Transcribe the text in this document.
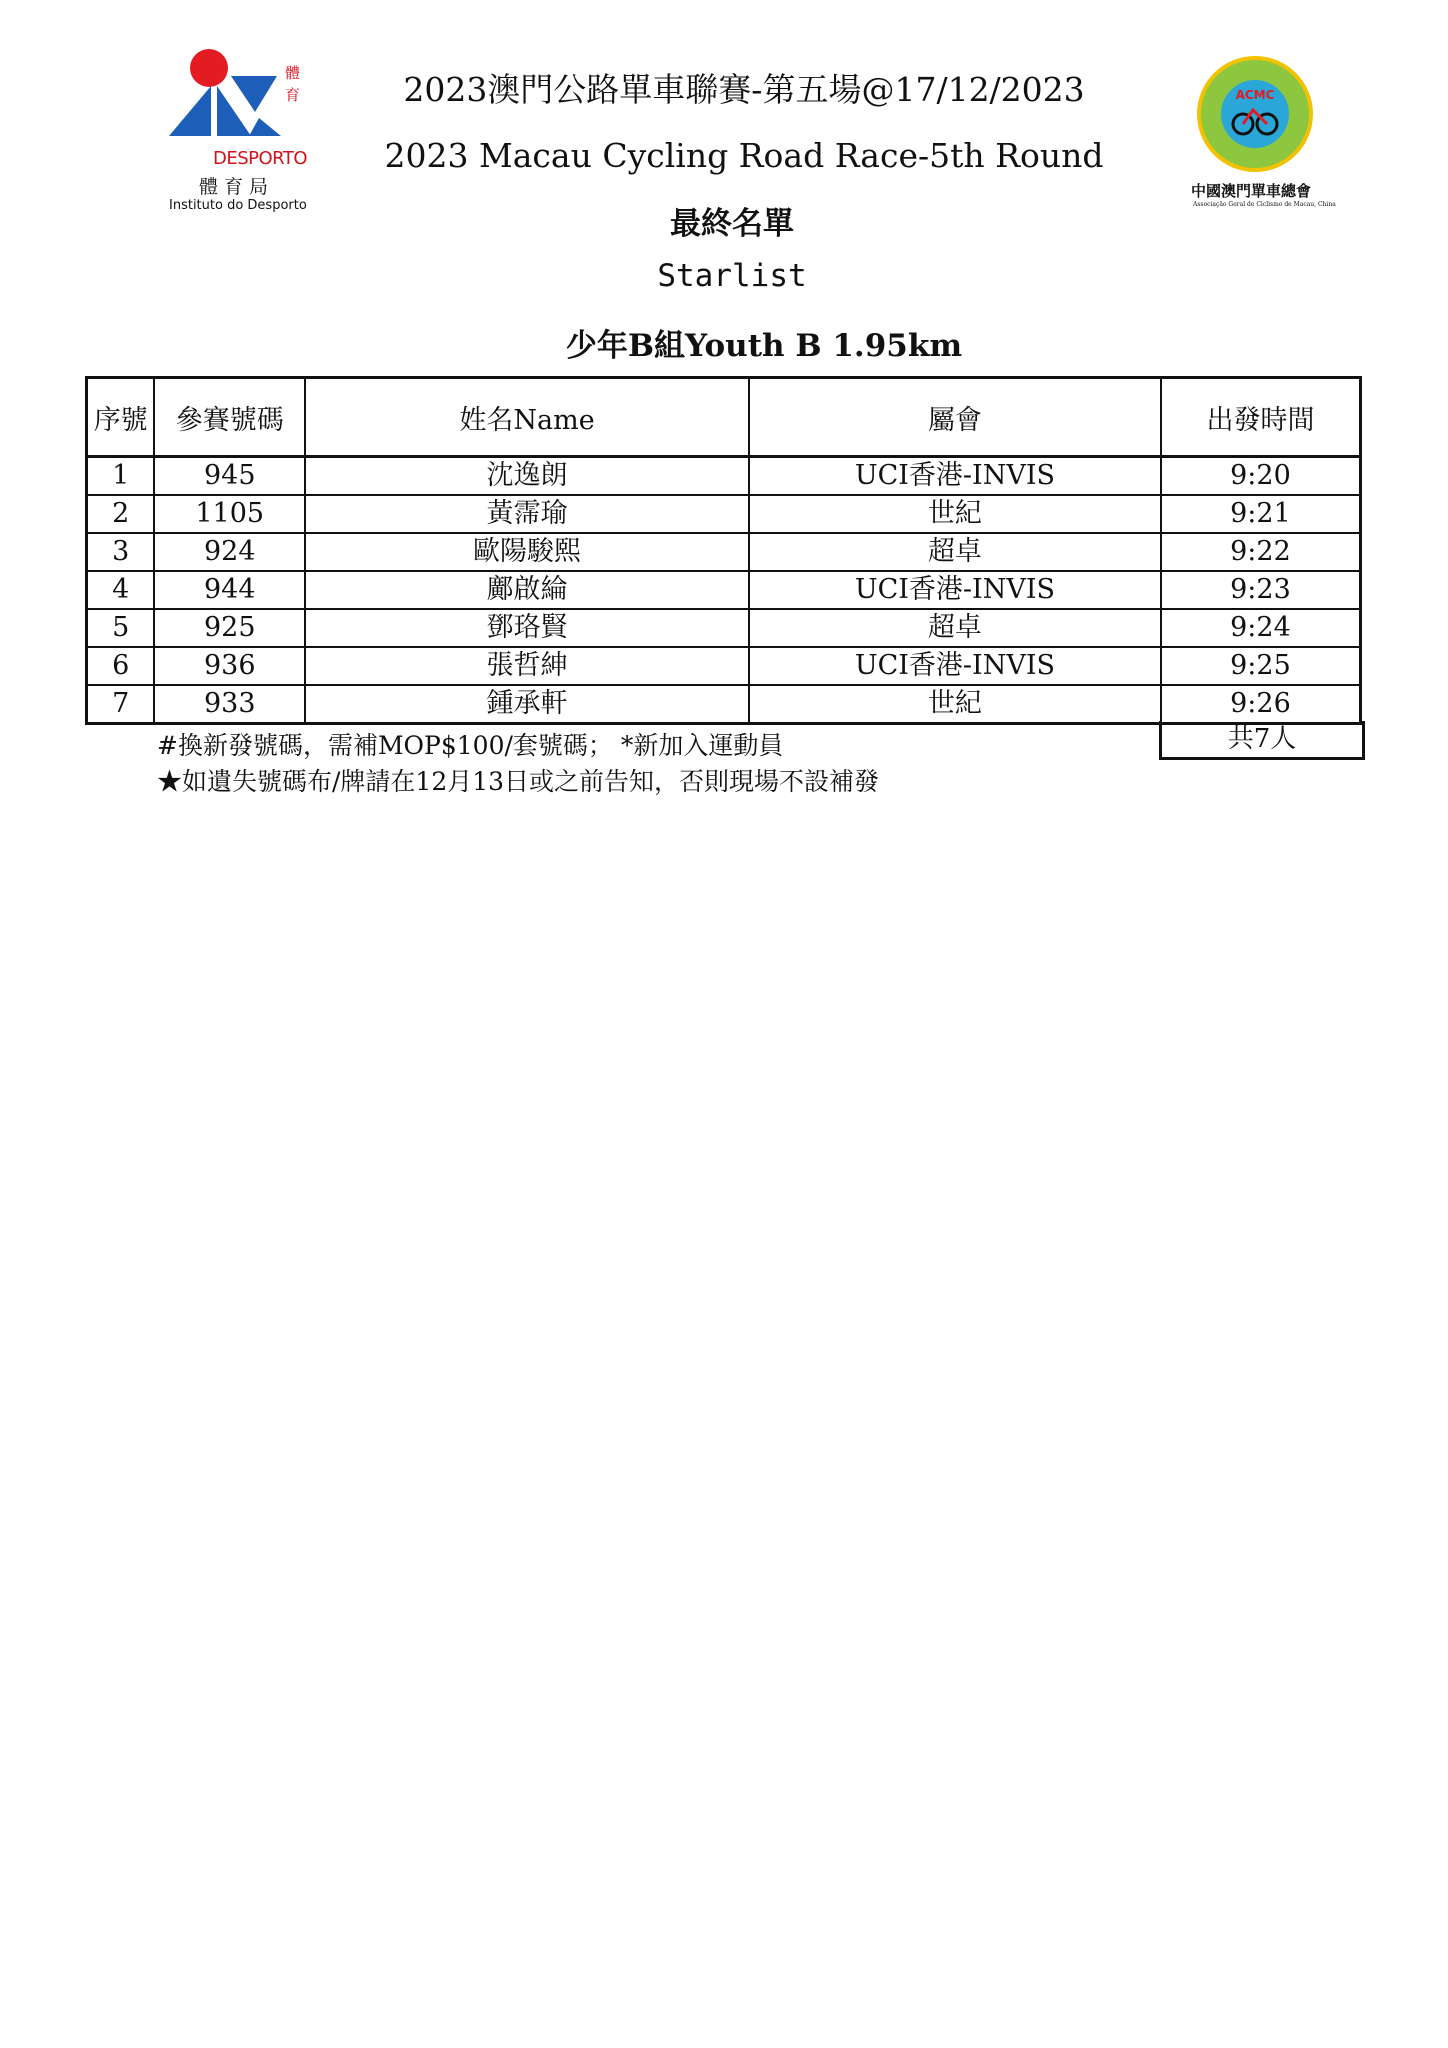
體
育
DESPORTO
體育局
Instituto do Desporto
ACMC
中國澳門單車總會
Associação Geral de Ciclismo de Macau, China
2023澳門公路單車聯賽-第五場@17/12/2023
2023 Macau Cycling Road Race-5th Round
最終名單
Starlist
少年B組Youth B 1.95km
序號	參賽號碼	姓名Name	屬會	出發時間
1	945	沈逸朗	UCI香港-INVIS	9:20
2	1105	黃霈瑜	世紀	9:21
3	924	歐陽駿熙	超卓	9:22
4	944	鄺啟綸	UCI香港-INVIS	9:23
5	925	鄧珞賢	超卓	9:24
6	936	張哲紳	UCI香港-INVIS	9:25
7	933	鍾承軒	世紀	9:26
共7人
#換新發號碼，需補MOP$100/套號碼； *新加入運動員
★如遺失號碼布/牌請在12月13日或之前告知，否則現場不設補發
